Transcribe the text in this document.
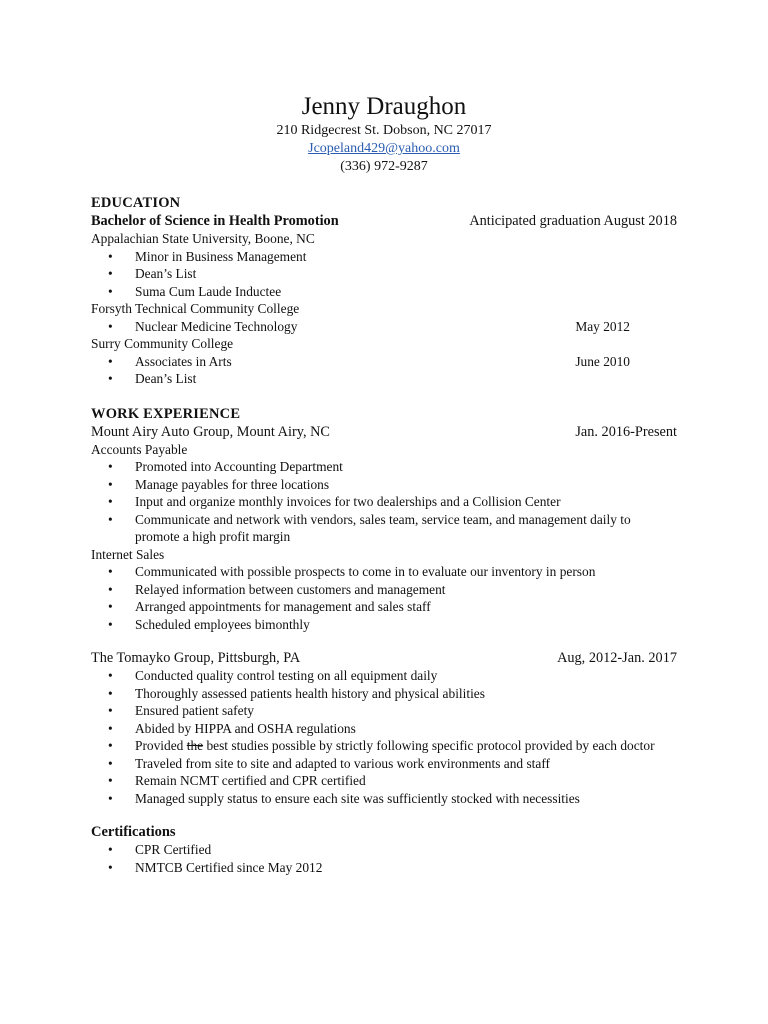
Jenny Draughon
210 Ridgecrest St. Dobson, NC 27017
Jcopeland429@yahoo.com
(336) 972-9287
EDUCATION
Bachelor of Science in Health Promotion	Anticipated graduation August 2018
Appalachian State University, Boone, NC
• Minor in Business Management
• Dean’s List
• Suma Cum Laude Inductee
Forsyth Technical Community College
• Nuclear Medicine Technology	May 2012
Surry Community College
• Associates in Arts	June 2010
• Dean’s List
WORK EXPERIENCE
Mount Airy Auto Group, Mount Airy, NC	Jan. 2016-Present
Accounts Payable
• Promoted into Accounting Department
• Manage payables for three locations
• Input and organize monthly invoices for two dealerships and a Collision Center
• Communicate and network with vendors, sales team, service team, and management daily to promote a high profit margin
Internet Sales
• Communicated with possible prospects to come in to evaluate our inventory in person
• Relayed information between customers and management
• Arranged appointments for management and sales staff
• Scheduled employees bimonthly
The Tomayko Group, Pittsburgh, PA	Aug, 2012-Jan. 2017
• Conducted quality control testing on all equipment daily
• Thoroughly assessed patients health history and physical abilities
• Ensured patient safety
• Abided by HIPPA and OSHA regulations
• Provided the best studies possible by strictly following specific protocol provided by each doctor
• Traveled from site to site and adapted to various work environments and staff
• Remain NCMT certified and CPR certified
• Managed supply status to ensure each site was sufficiently stocked with necessities
Certifications
• CPR Certified
• NMTCB Certified since May 2012
